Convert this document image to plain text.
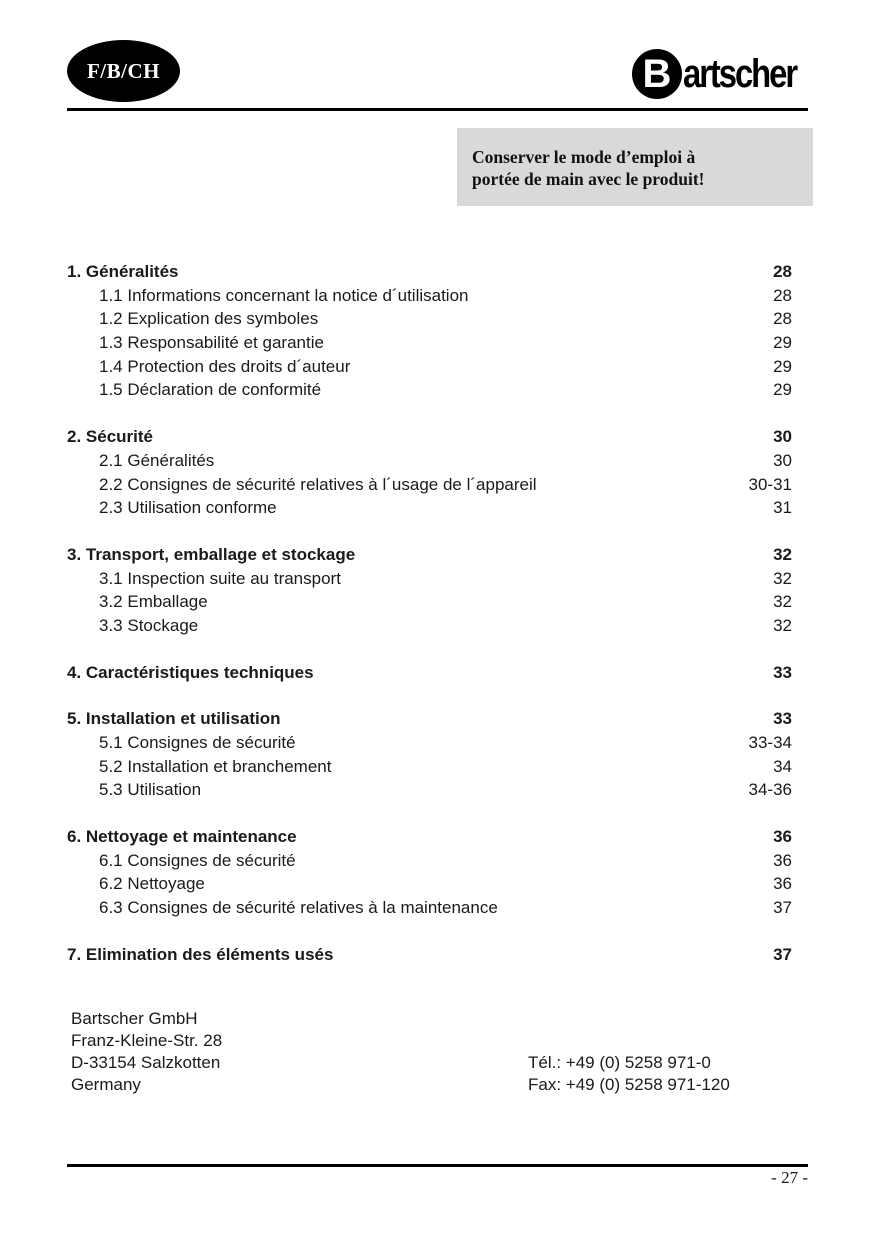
F/B/CH	B artscher
Conserver le mode d’emploi à
portée de main avec le produit!
1. Généralités	28
1.1 Informations concernant la notice d´utilisation	28
1.2 Explication des symboles	28
1.3 Responsabilité et garantie	29
1.4 Protection des droits d´auteur	29
1.5 Déclaration de conformité	29
2. Sécurité	30
2.1 Généralités	30
2.2 Consignes de sécurité relatives à l´usage de l´appareil	30-31
2.3 Utilisation conforme	31
3. Transport, emballage et stockage	32
3.1 Inspection suite au transport	32
3.2 Emballage	32
3.3 Stockage	32
4. Caractéristiques techniques	33
5. Installation et utilisation	33
5.1 Consignes de sécurité	33-34
5.2 Installation et branchement	34
5.3 Utilisation	34-36
6. Nettoyage et maintenance	36
6.1 Consignes de sécurité	36
6.2 Nettoyage	36
6.3 Consignes de sécurité relatives à la maintenance	37
7. Elimination des éléments usés	37
Bartscher GmbH
Franz-Kleine-Str. 28
D-33154 Salzkotten
Germany
Tél.: +49 (0) 5258 971-0
Fax: +49 (0) 5258 971-120
- 27 -
